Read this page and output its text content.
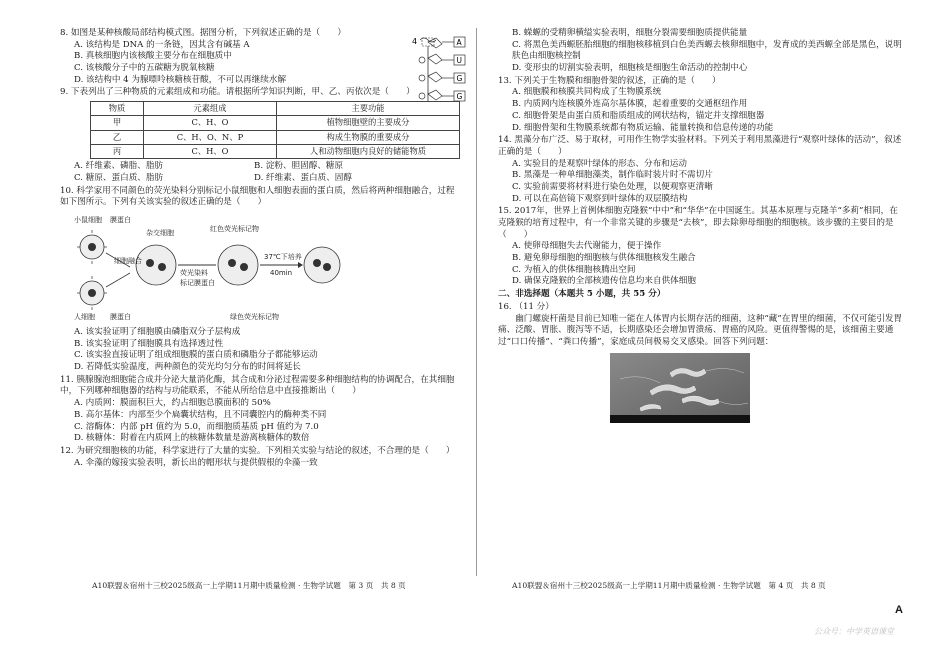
8. 如图是某种核酸局部结构模式图。据图分析，下列叙述正确的是（　　）
A. 该结构是 DNA 的一条链，因其含有碱基 A
B. 真核细胞内该核酸主要分布在细胞质中
C. 该核酸分子中的五碳糖为脱氧核糖
D. 该结构中 4 为腺嘌呤核糖核苷酸，不可以再继续水解
4	A
U
G
G
9. 下表列出了三种物质的元素组成和功能。请根据所学知识判断，甲、乙、丙依次是（　　）
物质	元素组成	主要功能
甲	C、H、O	植物细胞壁的主要成分
乙	C、H、O、N、P	构成生物膜的重要成分
丙	C、H、O	人和动物细胞内良好的储能物质
A. 纤维素、磷脂、脂肪	B. 淀粉、胆固醇、糖原
C. 糖原、蛋白质、脂肪	D. 纤维素、蛋白质、固醇
10. 科学家用不同颜色的荧光染料分别标记小鼠细胞和人细胞表面的蛋白质，然后将两种细胞融合，过程如下图所示。下列有关该实验的叙述正确的是（　　）
小鼠细胞 膜蛋白
细胞融合
杂交细胞	红色荧光标记物
37℃下培养
40min
荧光染料
标记膜蛋白
人细胞 膜蛋白	绿色荧光标记物
A. 该实验证明了细胞膜由磷脂双分子层构成
B. 该实验证明了细胞膜具有选择透过性
C. 该实验直接证明了组成细胞膜的蛋白质和磷脂分子都能够运动
D. 若降低实验温度，两种颜色的荧光均匀分布的时间将延长
11. 胰腺腺泡细胞能合成并分泌大量消化酶，其合成和分泌过程需要多种细胞结构的协调配合，在其细胞中，下列哪种细胞器的结构与功能联系，不能从所给信息中直接推断出（　　）
A. 内质网：膜面积巨大，约占细胞总膜面积的 50%
B. 高尔基体：内部至少个扁囊状结构，且不同囊腔内的酶种类不同
C. 溶酶体：内部 pH 值约为 5.0，而细胞质基质 pH 值约为 7.0
D. 核糖体：附着在内质网上的核糖体数量是游离核糖体的数倍
12. 为研究细胞核的功能，科学家进行了大量的实验。下列相关实验与结论的叙述，不合理的是（　　）
A. 伞藻的嫁接实验表明，新长出的帽形状与提供假根的伞藻一致
A10联盟＆宿州十三校2025级高一上学期11月期中质量检测 · 生物学试题　第 3 页　共 8 页
B. 蝾螈的受精卵横缢实验表明，细胞分裂需要细胞质提供能量
C. 将黑色美西螈胚胎细胞的细胞核移植到白色美西螈去核卵细胞中，发育成的美西螈全部是黑色，说明肤色由细胞核控制
D. 变形虫的切割实验表明，细胞核是细胞生命活动的控制中心
13. 下列关于生物膜和细胞骨架的叙述，正确的是（　　）
A. 细胞膜和核膜共同构成了生物膜系统
B. 内质网内连核膜外连高尔基体膜，起着重要的交通枢纽作用
C. 细胞骨架是由蛋白质和脂质组成的网状结构，锚定并支撑细胞器
D. 细胞骨架和生物膜系统都有物质运输、能量转换和信息传递的功能
14. 黑藻分布广泛、易于取材，可用作生物学实验材料。下列关于利用黑藻进行“观察叶绿体的活动”，叙述正确的是（　　）
A. 实验目的是观察叶绿体的形态、分布和运动
B. 黑藻是一种单细胞藻类，制作临时装片时不需切片
C. 实验前需要将材料进行染色处理，以便观察更清晰
D. 可以在高倍镜下观察到叶绿体的双层膜结构
15. 2017年，世界上首例体细胞克隆猴“中中”和“华华”在中国诞生。其基本原理与克隆羊“多莉”相同，在克隆猴的培育过程中，有一个非常关键的步骤是“去核”，即去除卵母细胞的细胞核。该步骤的主要目的是（　　）
A. 使卵母细胞失去代谢能力，便于操作
B. 避免卵母细胞的细胞核与供体细胞核发生融合
C. 为植入的供体细胞核腾出空间
D. 确保克隆猴的全部核遗传信息均来自供体细胞
二、非选择题（本题共 5 小题，共 55 分）
16. （11 分）
幽门螺旋杆菌是目前已知唯一能在人体胃内长期存活的细菌，这种“藏”在胃里的细菌，不仅可能引发胃痛、泛酸、胃胀、腹泻等不适，长期感染还会增加胃溃疡、胃癌的风险。更值得警惕的是，该细菌主要通过“口口传播”、“粪口传播”，家庭成员间极易交叉感染。回答下列问题：
A10联盟＆宿州十三校2025级高一上学期11月期中质量检测 · 生物学试题　第 4 页　共 8 页
A
公众号：中学英语课堂
